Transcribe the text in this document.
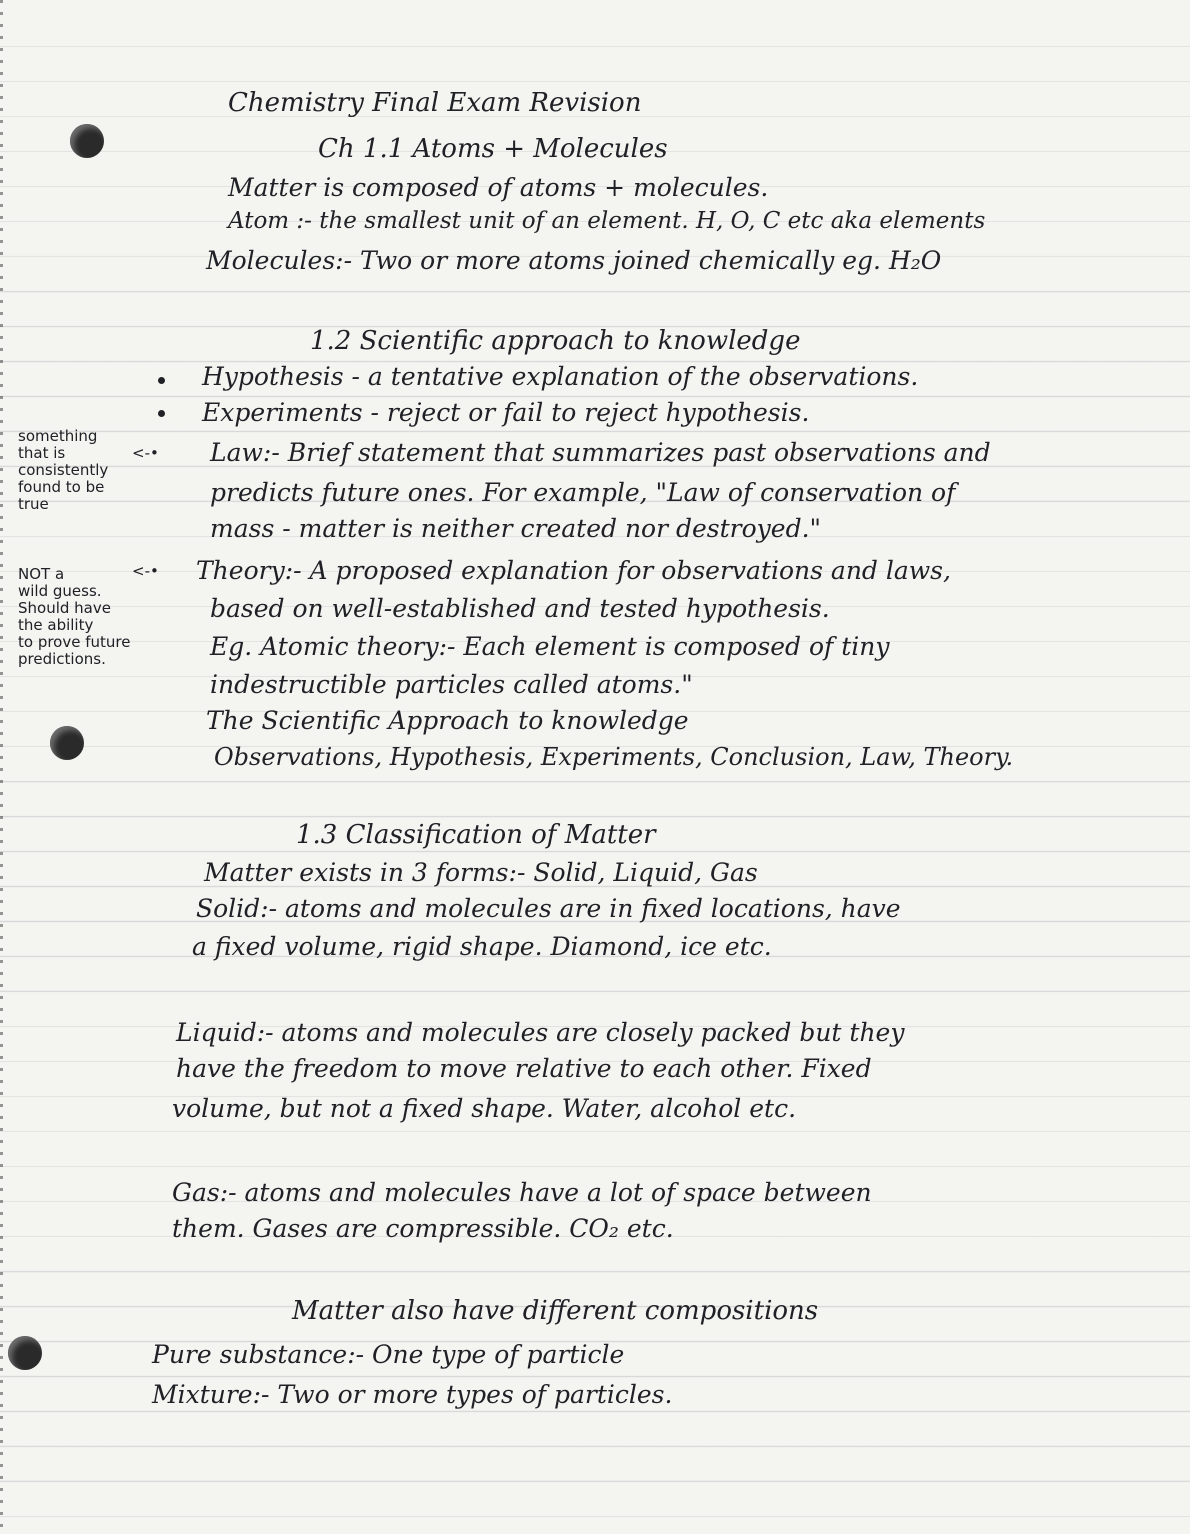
Chemistry Final Exam Revision
Ch 1.1 Atoms + Molecules
Matter is composed of atoms + molecules.
Atom :- the smallest unit of an element. H, O, C etc aka elements
Molecules:- Two or more atoms joined chemically eg. H₂O
1.2 Scientific approach to knowledge
Hypothesis - a tentative explanation of the observations.
Experiments - reject or fail to reject hypothesis.
something
that is
consistently
found to be
true
<-• Law:- Brief statement that summarizes past observations and
predicts future ones. For example, "Law of conservation of
mass - matter is neither created nor destroyed."
NOT a
wild guess.
Should have
the ability
to prove future
predictions.
<-• Theory:- A proposed explanation for observations and laws,
based on well-established and tested hypothesis.
Eg. Atomic theory:- Each element is composed of tiny
indestructible particles called atoms."
The Scientific Approach to knowledge
Observations, Hypothesis, Experiments, Conclusion, Law, Theory.
1.3 Classification of Matter
Matter exists in 3 forms:- Solid, Liquid, Gas
Solid:- atoms and molecules are in fixed locations, have
a fixed volume, rigid shape. Diamond, ice etc.
Liquid:- atoms and molecules are closely packed but they
have the freedom to move relative to each other. Fixed
volume, but not a fixed shape. Water, alcohol etc.
Gas:- atoms and molecules have a lot of space between
them. Gases are compressible. CO₂ etc.
Matter also have different compositions
Pure substance:- One type of particle
Mixture:- Two or more types of particles.
